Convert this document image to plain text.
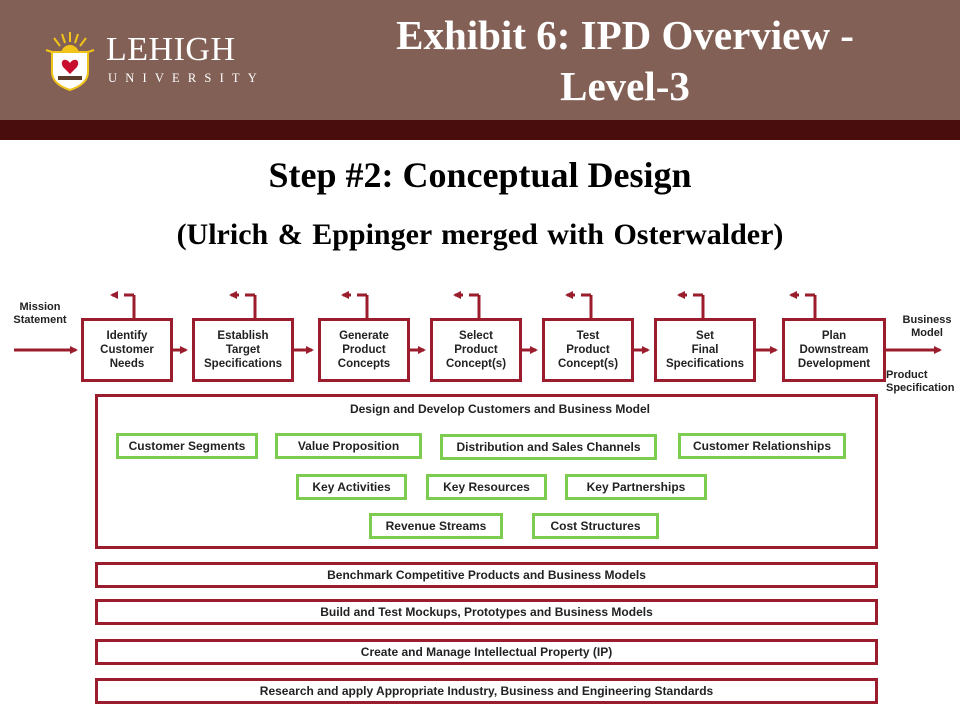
LEHIGH
UNIVERSITY
Exhibit 6: IPD Overview -
Level-3
Step #2: Conceptual Design
(Ulrich & Eppinger merged with Osterwalder)
Mission
Statement	Business
Model
Product
Specification
Identify
Customer
Needs
Establish
Target
Specifications
Generate
Product
Concepts
Select
Product
Concept(s)
Test
Product
Concept(s)
Set
Final
Specifications
Plan
Downstream
Development
Design and Develop Customers and Business Model
Customer Segments	Value Proposition	Distribution and Sales Channels	Customer Relationships
Key Activities	Key Resources	Key Partnerships
Revenue Streams	Cost Structures
Benchmark Competitive Products and Business Models
Build and Test Mockups, Prototypes and Business Models
Create and Manage Intellectual Property (IP)
Research and apply Appropriate Industry, Business and Engineering Standards
